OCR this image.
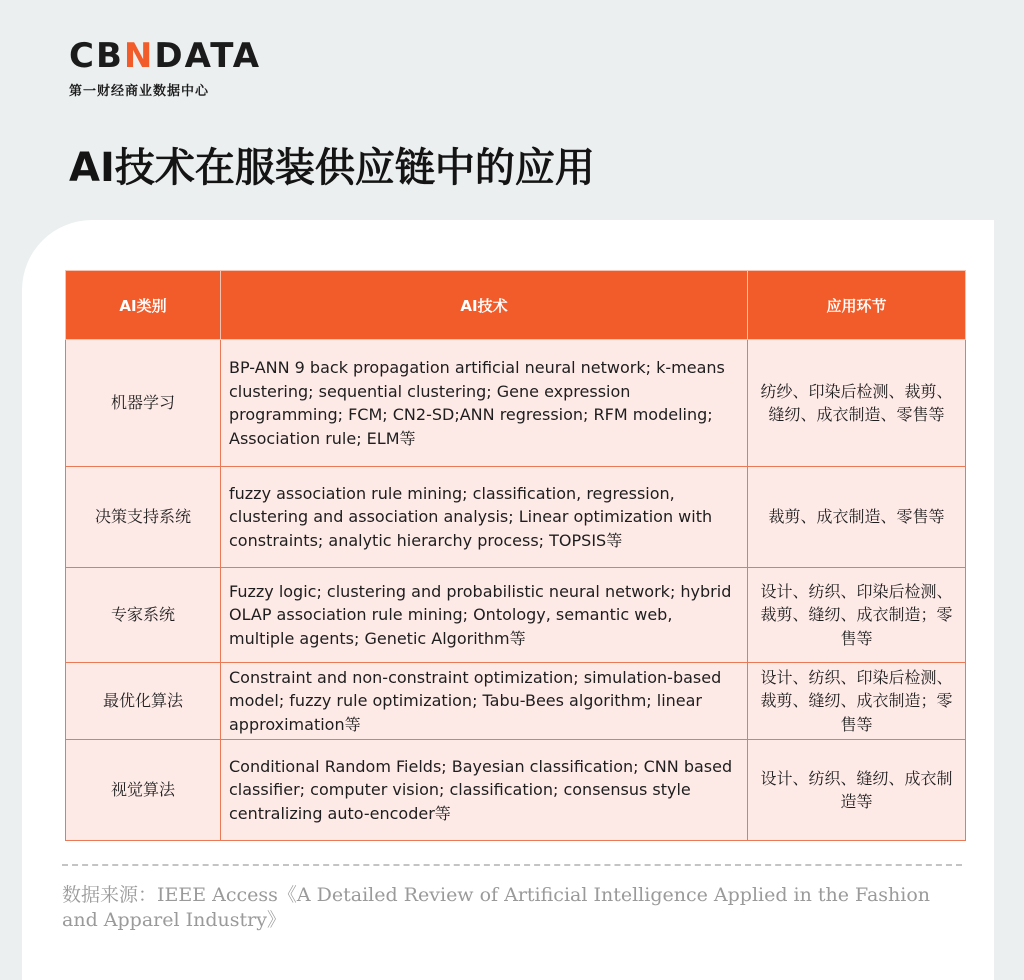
CB N DATA
第一财经商业数据中心
AI技术在服装供应链中的应用
AI类别	AI技术	应用环节
机器学习	BP-ANN 9 back propagation artificial neural network; k-means clustering; sequential clustering; Gene expression programming; FCM; CN2-SD;ANN regression; RFM modeling; Association rule; ELM等	纺纱、印染后检测、裁剪、缝纫、成衣制造、零售等
决策支持系统	fuzzy association rule mining; classification, regression, clustering and association analysis; Linear optimization with constraints; analytic hierarchy process; TOPSIS等	裁剪、成衣制造、零售等
专家系统	Fuzzy logic; clustering and probabilistic neural network; hybrid OLAP association rule mining; Ontology, semantic web, multiple agents; Genetic Algorithm等	设计、纺织、印染后检测、裁剪、缝纫、成衣制造；零售等
最优化算法	Constraint and non-constraint optimization; simulation-based model; fuzzy rule optimization; Tabu-Bees algorithm; linear approximation等	设计、纺织、印染后检测、裁剪、缝纫、成衣制造；零售等
视觉算法	Conditional Random Fields; Bayesian classification; CNN based classifier; computer vision; classification; consensus style centralizing auto-encoder等	设计、纺织、缝纫、成衣制造等
数据来源：IEEE Access《A Detailed Review of Artificial Intelligence Applied in the Fashion and Apparel Industry》
